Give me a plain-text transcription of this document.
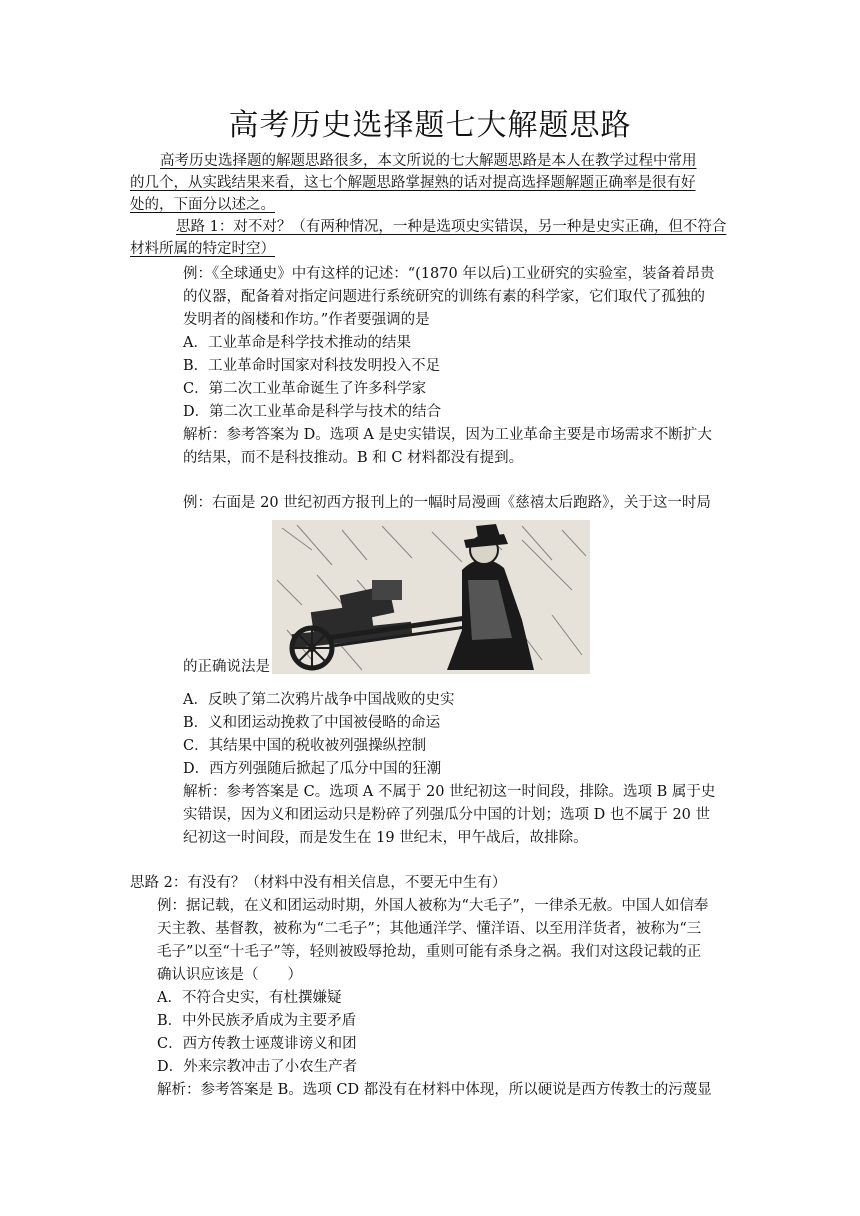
高考历史选择题七大解题思路
高考历史选择题的解题思路很多，本文所说的七大解题思路是本人在教学过程中常用
的几个，从实践结果来看，这七个解题思路掌握熟的话对提高选择题解题正确率是很有好
处的，下面分以述之。
思路 1：对不对？（有两种情况，一种是选项史实错误，另一种是史实正确，但不符合
材料所属的特定时空）
例：《全球通史》中有这样的记述：“(1870 年以后)工业研究的实验室，装备着昂贵
的仪器，配备着对指定问题进行系统研究的训练有素的科学家，它们取代了孤独的
发明者的阁楼和作坊。”作者要强调的是
A．工业革命是科学技术推动的结果
B．工业革命时国家对科技发明投入不足
C．第二次工业革命诞生了许多科学家
D．第二次工业革命是科学与技术的结合
解析：参考答案为 D。选项 A 是史实错误，因为工业革命主要是市场需求不断扩大
的结果，而不是科技推动。B 和 C 材料都没有提到。
例：右面是 20 世纪初西方报刊上的一幅时局漫画《慈禧太后跑路》，关于这一时局
的正确说法是
A．反映了第二次鸦片战争中国战败的史实
B．义和团运动挽救了中国被侵略的命运
C．其结果中国的税收被列强操纵控制
D．西方列强随后掀起了瓜分中国的狂潮
解析：参考答案是 C。选项 A 不属于 20 世纪初这一时间段，排除。选项 B 属于史
实错误，因为义和团运动只是粉碎了列强瓜分中国的计划；选项 D 也不属于 20 世
纪初这一时间段，而是发生在 19 世纪末，甲午战后，故排除。
思路 2：有没有？（材料中没有相关信息，不要无中生有）
例：据记载，在义和团运动时期，外国人被称为“大毛子”，一律杀无赦。中国人如信奉
天主教、基督教，被称为“二毛子”；其他通洋学、懂洋语、以至用洋货者，被称为“三
毛子”以至“十毛子”等，轻则被殴辱抢劫，重则可能有杀身之祸。我们对这段记载的正
确认识应该是（　　）
A．不符合史实，有杜撰嫌疑
B．中外民族矛盾成为主要矛盾
C．西方传教士诬蔑诽谤义和团
D．外来宗教冲击了小农生产者
解析：参考答案是 B。选项 CD 都没有在材料中体现，所以硬说是西方传教士的污蔑显
